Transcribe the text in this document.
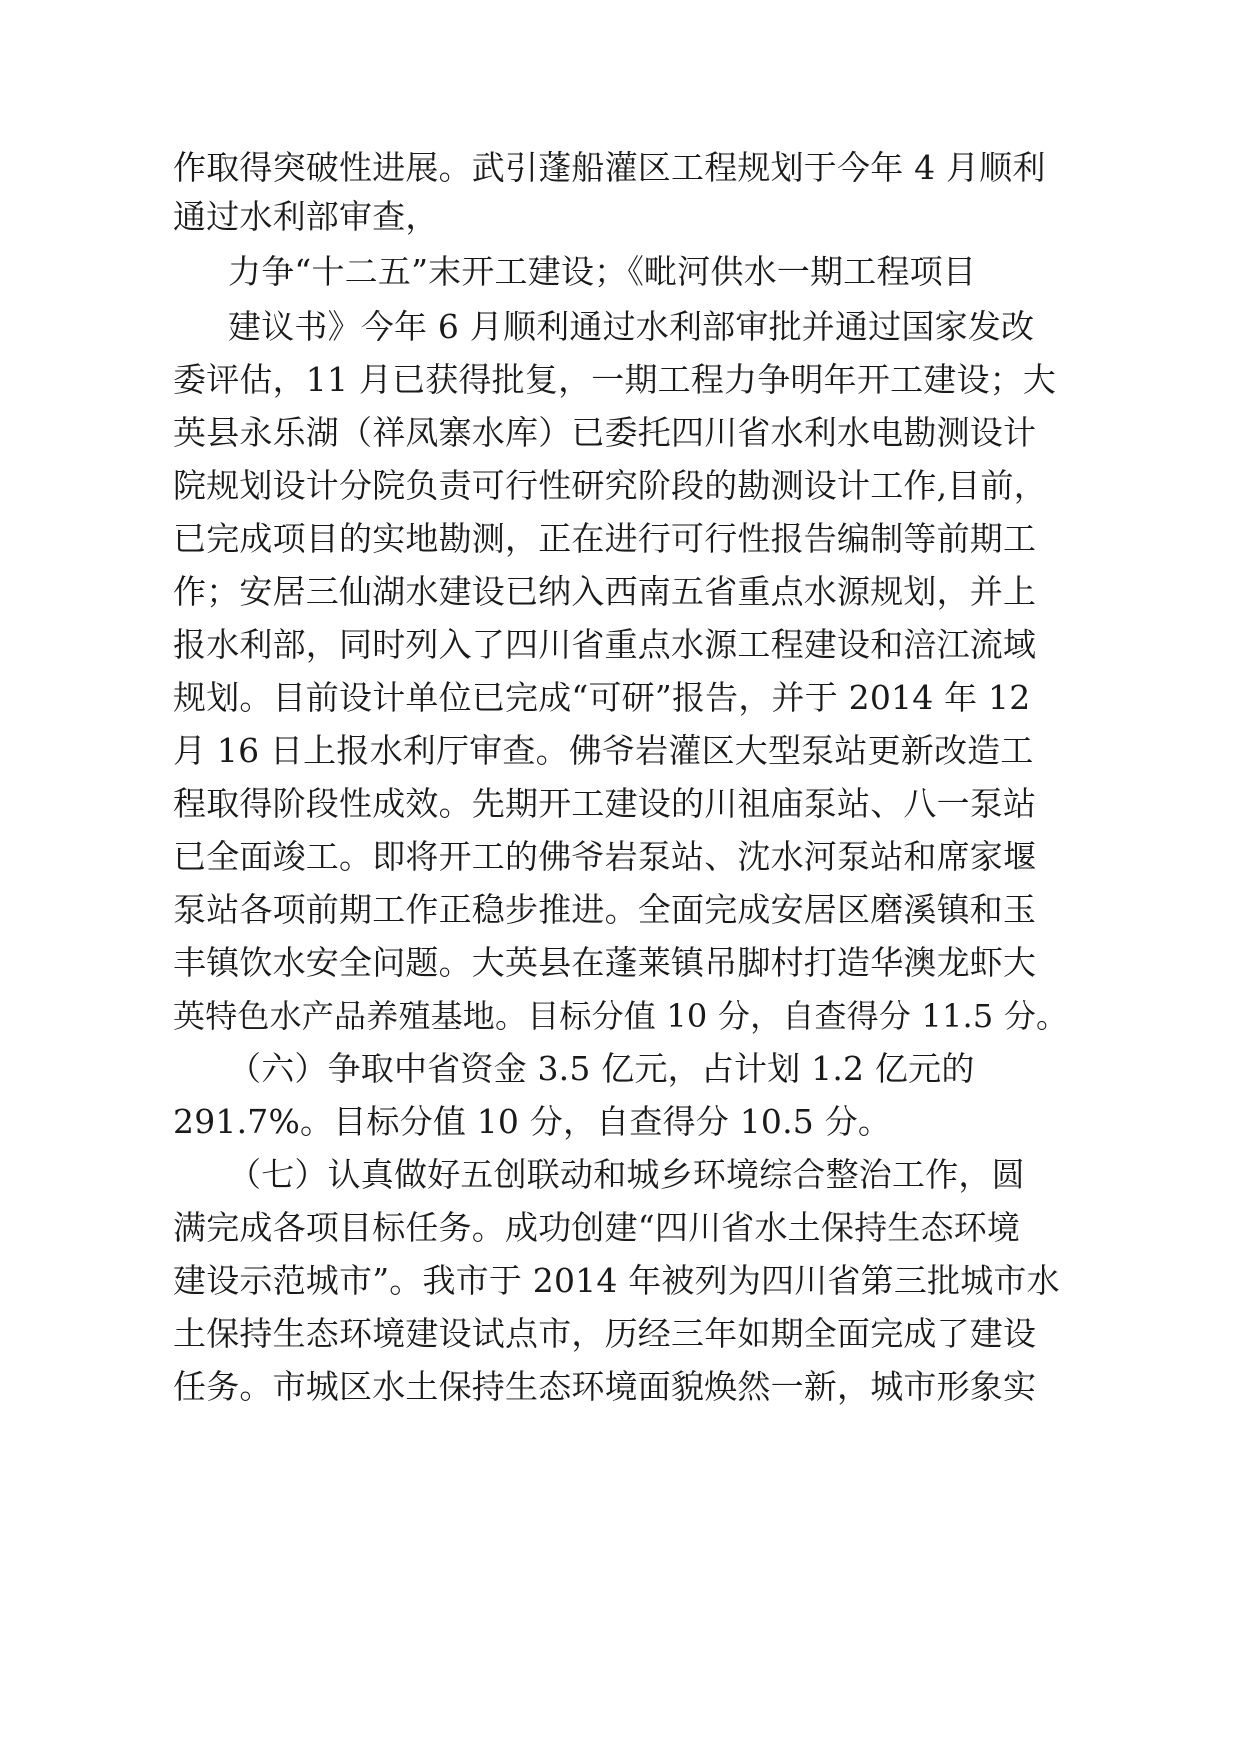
作取得突破性进展。武引蓬船灌区工程规划于今年 4 月顺利
通过水利部审查，
力争“十二五”末开工建设；《毗河供水一期工程项目
建议书》今年 6 月顺利通过水利部审批并通过国家发改
委评估，11 月已获得批复，一期工程力争明年开工建设；大
英县永乐湖（祥凤寨水库）已委托四川省水利水电勘测设计
院规划设计分院负责可行性研究阶段的勘测设计工作,目前，
已完成项目的实地勘测，正在进行可行性报告编制等前期工
作；安居三仙湖水建设已纳入西南五省重点水源规划，并上
报水利部，同时列入了四川省重点水源工程建设和涪江流域
规划。目前设计单位已完成“可研”报告，并于 2014 年 12
月 16 日上报水利厅审查。佛爷岩灌区大型泵站更新改造工
程取得阶段性成效。先期开工建设的川祖庙泵站、八一泵站
已全面竣工。即将开工的佛爷岩泵站、沈水河泵站和席家堰
泵站各项前期工作正稳步推进。全面完成安居区磨溪镇和玉
丰镇饮水安全问题。大英县在蓬莱镇吊脚村打造华澳龙虾大
英特色水产品养殖基地。目标分值 10 分，自查得分 11.5 分。
（六）争取中省资金 3.5 亿元，占计划 1.2 亿元的
291.7%。目标分值 10 分，自查得分 10.5 分。
（七）认真做好五创联动和城乡环境综合整治工作，圆
满完成各项目标任务。成功创建“四川省水土保持生态环境
建设示范城市”。我市于 2014 年被列为四川省第三批城市水
土保持生态环境建设试点市，历经三年如期全面完成了建设
任务。市城区水土保持生态环境面貌焕然一新，城市形象实
